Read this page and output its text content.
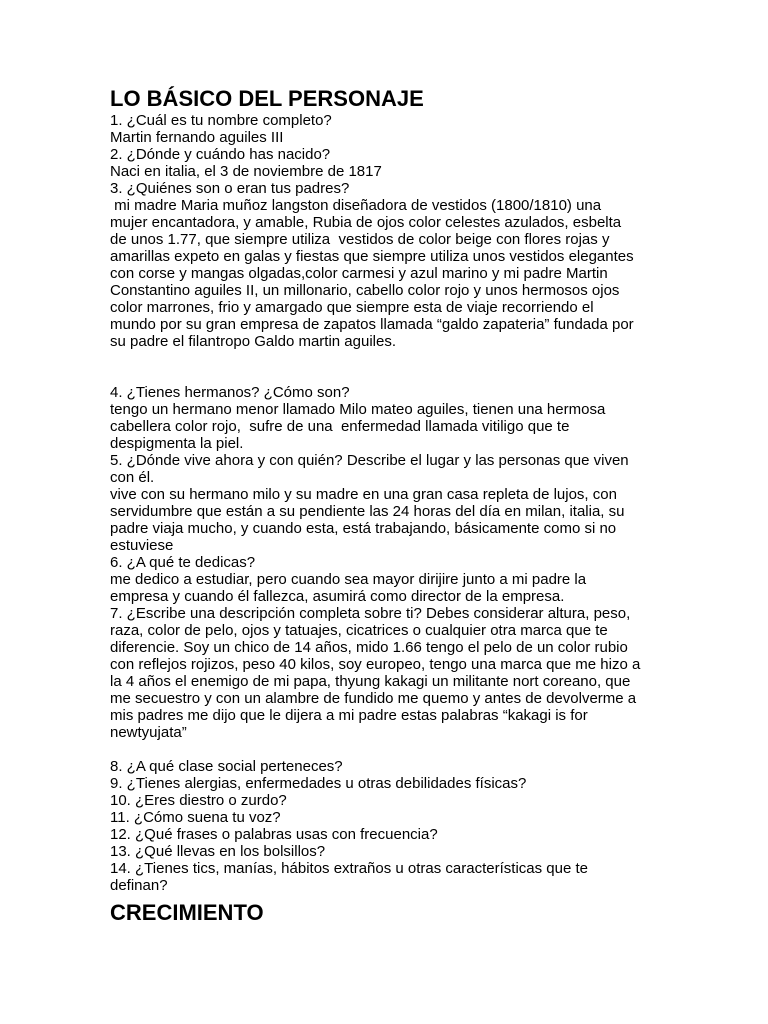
LO BÁSICO DEL PERSONAJE

1. ¿Cuál es tu nombre completo?

Martin fernando aguiles III

2. ¿Dónde y cuándo has nacido?

Naci en italia, el 3 de noviembre de 1817

3. ¿Quiénes son o eran tus padres?

mi madre Maria muñoz langston diseñadora de vestidos (1800/1810) una

mujer encantadora, y amable, Rubia de ojos color celestes azulados, esbelta

de unos 1.77, que siempre utiliza  vestidos de color beige con flores rojas y

amarillas expeto en galas y fiestas que siempre utiliza unos vestidos elegantes

con corse y mangas olgadas,color carmesi y azul marino y mi padre Martin

Constantino aguiles II, un millonario, cabello color rojo y unos hermosos ojos

color marrones, frio y amargado que siempre esta de viaje recorriendo el

mundo por su gran empresa de zapatos llamada “galdo zapateria” fundada por

su padre el filantropo Galdo martin aguiles.

4. ¿Tienes hermanos? ¿Cómo son?

tengo un hermano menor llamado Milo mateo aguiles, tienen una hermosa

cabellera color rojo,  sufre de una  enfermedad llamada vitiligo que te

despigmenta la piel.

5. ¿Dónde vive ahora y con quién? Describe el lugar y las personas que viven

con él.

vive con su hermano milo y su madre en una gran casa repleta de lujos, con

servidumbre que están a su pendiente las 24 horas del día en milan, italia, su

padre viaja mucho, y cuando esta, está trabajando, básicamente como si no

estuviese

6. ¿A qué te dedicas?

me dedico a estudiar, pero cuando sea mayor dirijire junto a mi padre la

empresa y cuando él fallezca, asumirá como director de la empresa.

7. ¿Escribe una descripción completa sobre ti? Debes considerar altura, peso,

raza, color de pelo, ojos y tatuajes, cicatrices o cualquier otra marca que te

diferencie. Soy un chico de 14 años, mido 1.66 tengo el pelo de un color rubio

con reflejos rojizos, peso 40 kilos, soy europeo, tengo una marca que me hizo a

la 4 años el enemigo de mi papa, thyung kakagi un militante nort coreano, que

me secuestro y con un alambre de fundido me quemo y antes de devolverme a

mis padres me dijo que le dijera a mi padre estas palabras “kakagi is for

newtyujata”

8. ¿A qué clase social perteneces?

9. ¿Tienes alergias, enfermedades u otras debilidades físicas?

10. ¿Eres diestro o zurdo?

11. ¿Cómo suena tu voz?

12. ¿Qué frases o palabras usas con frecuencia?

13. ¿Qué llevas en los bolsillos?

14. ¿Tienes tics, manías, hábitos extraños u otras características que te

definan?

CRECIMIENTO
